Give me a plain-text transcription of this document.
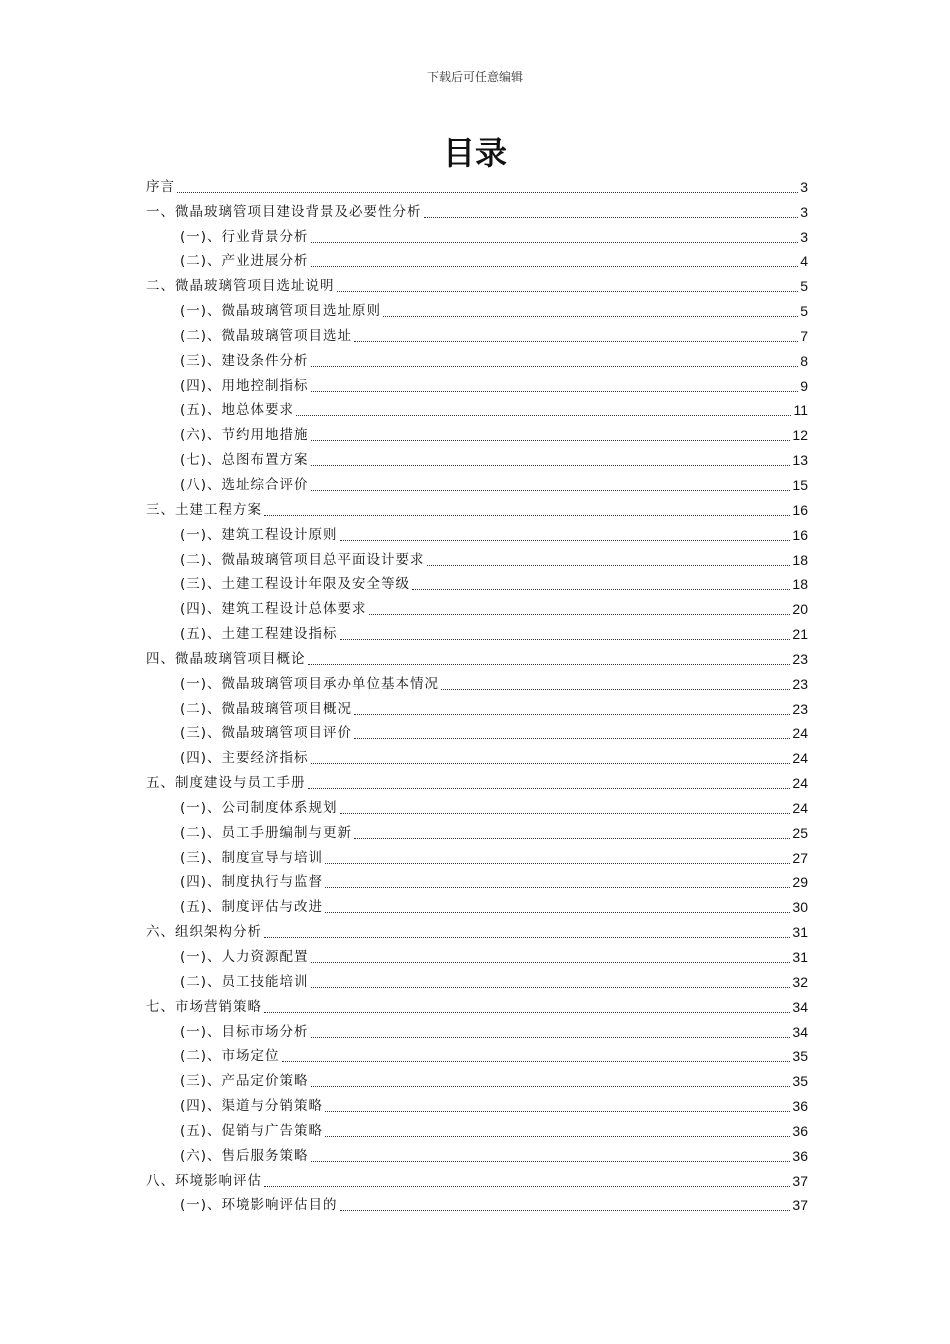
下载后可任意编辑
目录
序言	3
一、微晶玻璃管项目建设背景及必要性分析	3
(一)、行业背景分析	3
(二)、产业进展分析	4
二、微晶玻璃管项目选址说明	5
(一)、微晶玻璃管项目选址原则	5
(二)、微晶玻璃管项目选址	7
(三)、建设条件分析	8
(四)、用地控制指标	9
(五)、地总体要求	11
(六)、节约用地措施	12
(七)、总图布置方案	13
(八)、选址综合评价	15
三、土建工程方案	16
(一)、建筑工程设计原则	16
(二)、微晶玻璃管项目总平面设计要求	18
(三)、土建工程设计年限及安全等级	18
(四)、建筑工程设计总体要求	20
(五)、土建工程建设指标	21
四、微晶玻璃管项目概论	23
(一)、微晶玻璃管项目承办单位基本情况	23
(二)、微晶玻璃管项目概况	23
(三)、微晶玻璃管项目评价	24
(四)、主要经济指标	24
五、制度建设与员工手册	24
(一)、公司制度体系规划	24
(二)、员工手册编制与更新	25
(三)、制度宣导与培训	27
(四)、制度执行与监督	29
(五)、制度评估与改进	30
六、组织架构分析	31
(一)、人力资源配置	31
(二)、员工技能培训	32
七、市场营销策略	34
(一)、目标市场分析	34
(二)、市场定位	35
(三)、产品定价策略	35
(四)、渠道与分销策略	36
(五)、促销与广告策略	36
(六)、售后服务策略	36
八、环境影响评估	37
(一)、环境影响评估目的	37
